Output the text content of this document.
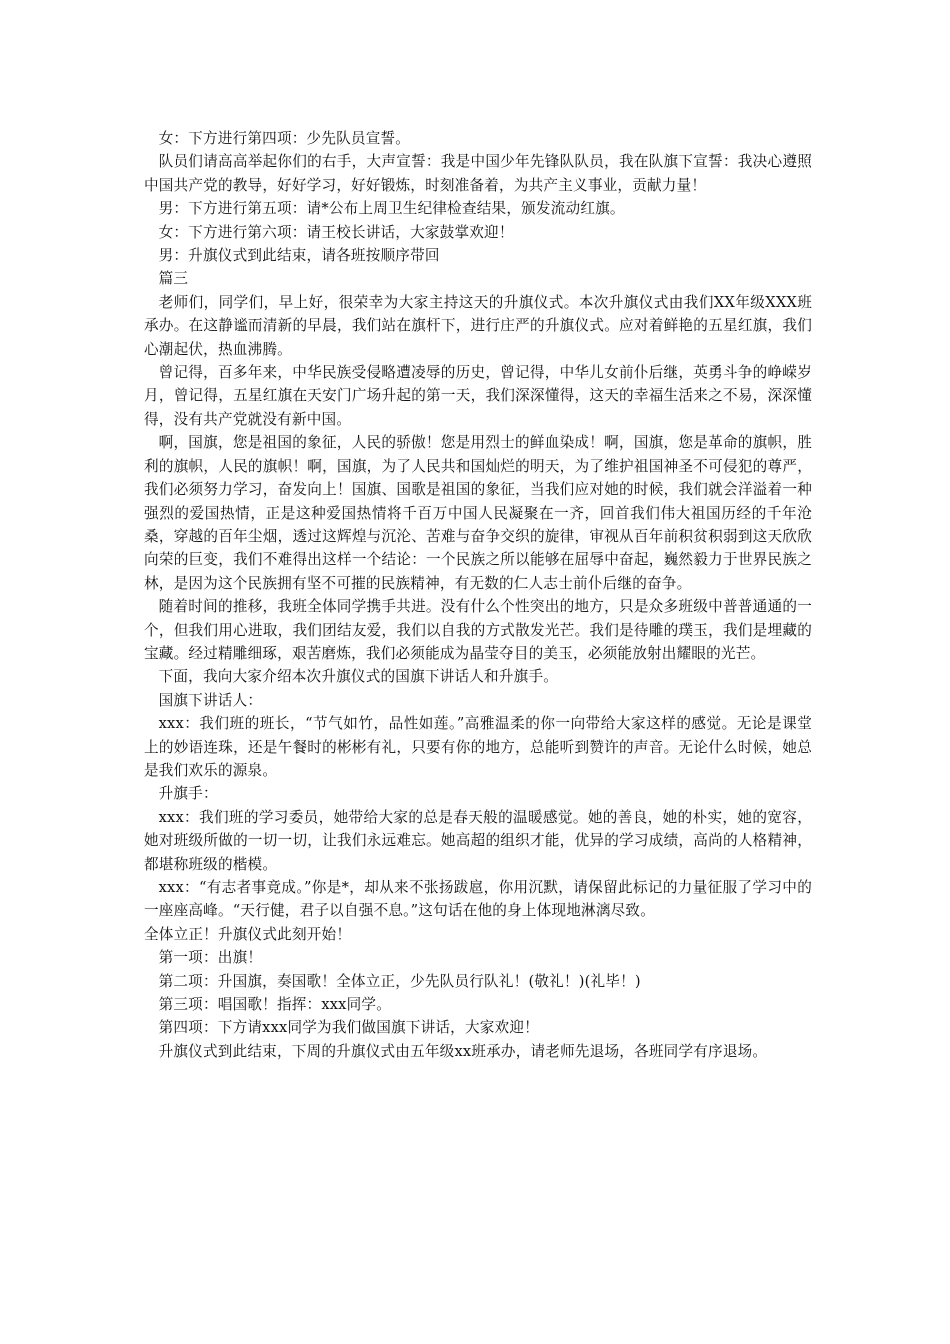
女：下方进行第四项：少先队员宣誓。

队员们请高高举起你们的右手，大声宣誓：我是中国少年先锋队队员，我在队旗下宣誓：我决心遵照中国共产党的教导，好好学习，好好锻炼，时刻准备着，为共产主义事业，贡献力量！

男：下方进行第五项：请*公布上周卫生纪律检查结果，颁发流动红旗。

女：下方进行第六项：请王校长讲话，大家鼓掌欢迎！

男：升旗仪式到此结束，请各班按顺序带回

篇三

老师们，同学们，早上好，很荣幸为大家主持这天的升旗仪式。本次升旗仪式由我们XX年级XXX班承办。在这静谧而清新的早晨，我们站在旗杆下，进行庄严的升旗仪式。应对着鲜艳的五星红旗，我们心潮起伏，热血沸腾。

曾记得，百多年来，中华民族受侵略遭凌辱的历史，曾记得，中华儿女前仆后继，英勇斗争的峥嵘岁月，曾记得，五星红旗在天安门广场升起的第一天，我们深深懂得，这天的幸福生活来之不易，深深懂得，没有共产党就没有新中国。

啊，国旗，您是祖国的象征，人民的骄傲！您是用烈士的鲜血染成！啊，国旗，您是革命的旗帜，胜利的旗帜，人民的旗帜！啊，国旗，为了人民共和国灿烂的明天，为了维护祖国神圣不可侵犯的尊严，我们必须努力学习，奋发向上！国旗、国歌是祖国的象征，当我们应对她的时候，我们就会洋溢着一种强烈的爱国热情，正是这种爱国热情将千百万中国人民凝聚在一齐，回首我们伟大祖国历经的千年沧桑，穿越的百年尘烟，透过这辉煌与沉沦、苦难与奋争交织的旋律，审视从百年前积贫积弱到这天欣欣向荣的巨变，我们不难得出这样一个结论：一个民族之所以能够在屈辱中奋起，巍然毅力于世界民族之林，是因为这个民族拥有坚不可摧的民族精神，有无数的仁人志士前仆后继的奋争。

随着时间的推移，我班全体同学携手共进。没有什么个性突出的地方，只是众多班级中普普通通的一个，但我们用心进取，我们团结友爱，我们以自我的方式散发光芒。我们是待雕的璞玉，我们是埋藏的宝藏。经过精雕细琢，艰苦磨炼，我们必须能成为晶莹夺目的美玉，必须能放射出耀眼的光芒。

下面，我向大家介绍本次升旗仪式的国旗下讲话人和升旗手。

国旗下讲话人：

xxx：我们班的班长，“节气如竹，品性如莲。”高雅温柔的你一向带给大家这样的感觉。无论是课堂上的妙语连珠，还是午餐时的彬彬有礼，只要有你的地方，总能听到赞许的声音。无论什么时候，她总是我们欢乐的源泉。

升旗手：

xxx：我们班的学习委员，她带给大家的总是春天般的温暖感觉。她的善良，她的朴实，她的宽容，她对班级所做的一切一切，让我们永远难忘。她高超的组织才能，优异的学习成绩，高尚的人格精神，都堪称班级的楷模。

xxx：“有志者事竟成。”你是*，却从来不张扬跋扈，你用沉默，请保留此标记的力量征服了学习中的一座座高峰。“天行健，君子以自强不息。”这句话在他的身上体现地淋漓尽致。

全体立正！升旗仪式此刻开始！

第一项：出旗！

第二项：升国旗，奏国歌！全体立正，少先队员行队礼！(敬礼！)(礼毕！)

第三项：唱国歌！指挥：xxx同学。

第四项：下方请xxx同学为我们做国旗下讲话，大家欢迎！

升旗仪式到此结束，下周的升旗仪式由五年级xx班承办，请老师先退场，各班同学有序退场。
